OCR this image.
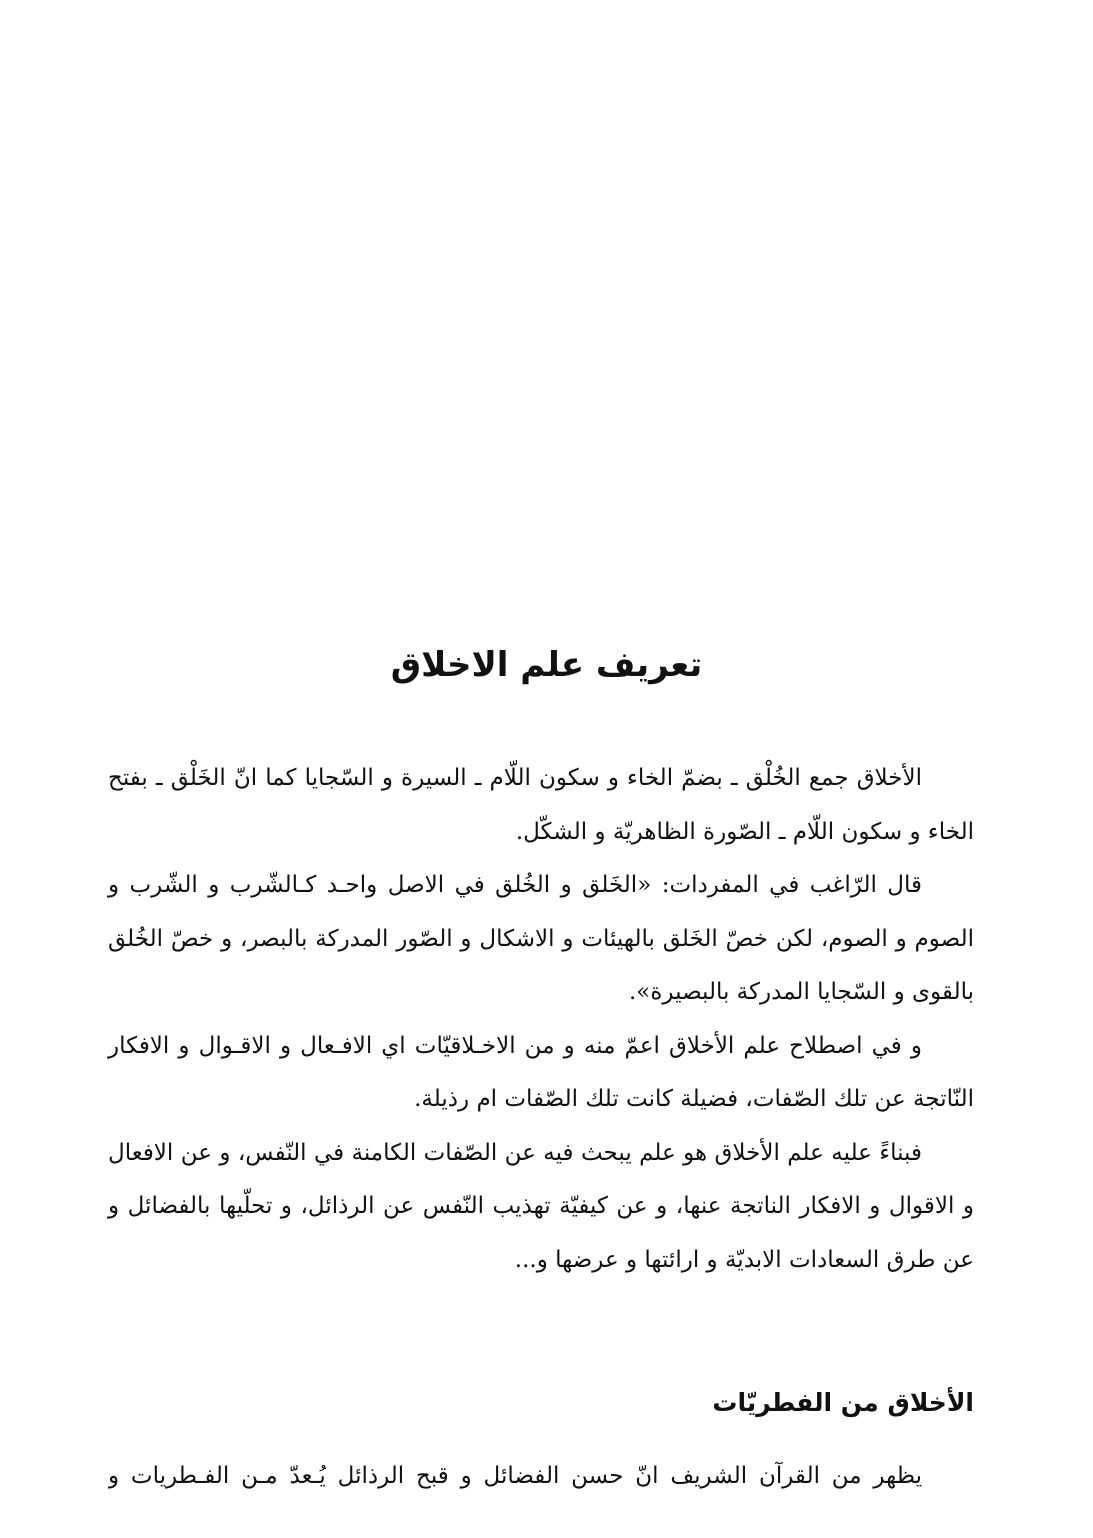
تعريف علم الاخلاق

الأخلاق جمع الخُلْق ـ بضمّ الخاء و سكون اللّام ـ السيرة و السّجايا كما انّ الخَلْق ـ بفتح الخاء و سكون اللّام ـ الصّورة الظاهريّة و الشكّل.

قال الرّاغب في المفردات: «الخَلق و الخُلق في الاصل واحـد كـالشّرب و الشّرب و الصوم و الصوم، لكن خصّ الخَلق بالهيئات و الاشكال و الصّور المدركة بالبصر، و خصّ الخُلق بالقوى و السّجايا المدركة بالبصيرة».

و في اصطلاح علم الأخلاق اعمّ منه و من الاخـلاقيّات اي الافـعال و الاقـوال و الافكار النّاتجة عن تلك الصّفات، فضيلة كانت تلك الصّفات ام رذيلة.

فبناءً عليه علم الأخلاق هو علم يبحث فيه عن الصّفات الكامنة في النّفس، و عن الافعال و الاقوال و الافكار الناتجة عنها، و عن كيفيّة تهذيب النّفس عن الرذائل، و تحلّيها بالفضائل و عن طرق السعادات الابديّة و ارائتها و عرضها و...

الأخلاق من الفطريّات

يظهر من القرآن الشريف انّ حسن الفضائل و قبح الرذائل يُـعدّ مـن الفـطريات و
